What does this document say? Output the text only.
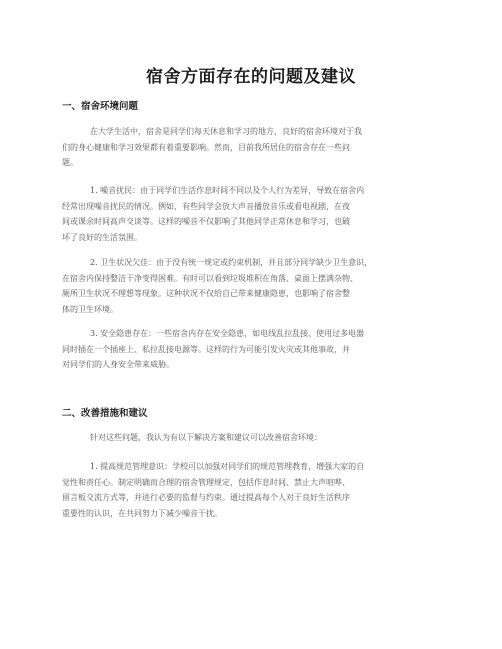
宿舍方面存在的问题及建议
一、宿舍环境问题
在大学生活中，宿舍是同学们每天休息和学习的地方，良好的宿舍环境对于我
们的身心健康和学习效果都有着重要影响。然而，目前我所居住的宿舍存在一些问
题。
1. 噪音扰民：由于同学们生活作息时间不同以及个人行为差异，导致在宿舍内
经常出现噪音扰民的情况。例如，有些同学会放大声音播放音乐或看电视剧，在夜
间或课余时间高声交谈等。这样的噪音不仅影响了其他同学正常休息和学习，也破
坏了良好的生活氛围。
2. 卫生状况欠佳：由于没有统一规定或约束机制，并且部分同学缺少卫生意识，
在宿舍内保持整洁干净变得困难。有时可以看到垃圾堆积在角落、桌面上摆满杂物、
厕所卫生状况不理想等现象。这种状况不仅给自己带来健康隐患，也影响了宿舍整
体的卫生环境。
3. 安全隐患存在：一些宿舍内存在安全隐患，如电线乱拉乱接、使用过多电器
同时插在一个插座上、私拉乱接电源等。这样的行为可能引发火灾或其他事故，并
对同学们的人身安全带来威胁。
二、改善措施和建议
针对这些问题，我认为有以下解决方案和建议可以改善宿舍环境：
1. 提高规范管理意识：学校可以加强对同学们的规范管理教育，增强大家的自
觉性和责任心。制定明确而合理的宿舍管理规定，包括作息时间、禁止大声喧哗、
留言板交流方式等，并进行必要的监督与约束。通过提高每个人对于良好生活秩序
重要性的认识，在共同努力下减少噪音干扰。
